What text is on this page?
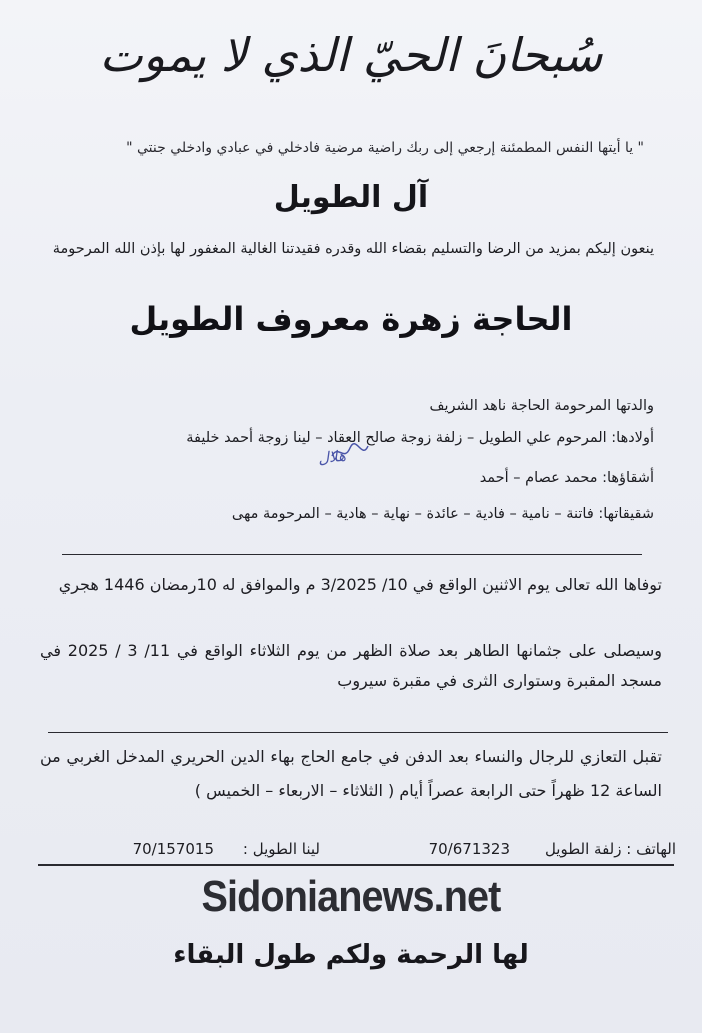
سُبحانَ الحيّ الذي لا يموت
" يا أيتها النفس المطمئنة إرجعي إلى ربك راضية مرضية فادخلي في عبادي وادخلي جنتي "
آل الطويل
ينعون إليكم بمزيد من الرضا والتسليم بقضاء الله وقدره فقيدتنا الغالية المغفور لها بإذن الله المرحومة
الحاجة زهرة معروف الطويل
والدتها المرحومة الحاجة ناهد الشريف
أولادها: المرحوم علي الطويل – زلفة زوجة صالح العقاد – لينا زوجة أحمد خليفة
هلال
أشقاؤها: محمد عصام – أحمد
شقيقاتها: فاتنة – نامية – فادية – عائدة – نهاية – هادية – المرحومة مهى
توفاها الله تعالى يوم الاثنين الواقع في 10/ 3/2025 م والموافق له 10رمضان 1446 هجري
وسيصلى على جثمانها الطاهر بعد صلاة الظهر من يوم الثلاثاء الواقع في 11/ 3 / 2025 في مسجد المقبرة وستوارى الثرى في مقبرة سيروب
تقبل التعازي للرجال والنساء بعد الدفن في جامع الحاج بهاء الدين الحريري المدخل الغربي من الساعة 12 ظهراً حتى الرابعة عصراً أيام ( الثلاثاء – الاربعاء – الخميس )
الهاتف : زلفة الطويل
70/671323
لينا الطويل :
70/157015
Sidonianews.net
لها الرحمة ولكم طول البقاء
